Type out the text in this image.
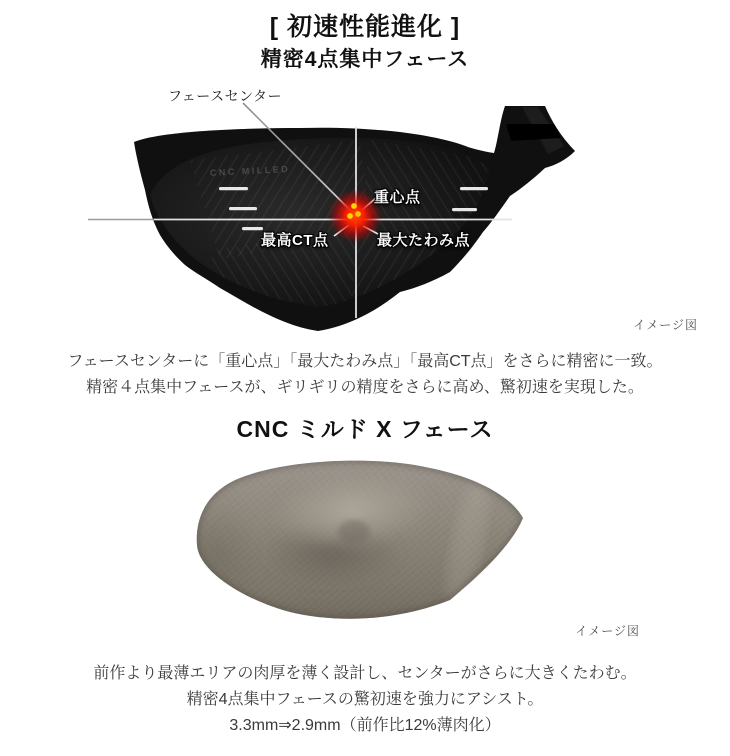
[ 初速性能進化 ]
精密4点集中フェース
フェースセンター
CNC MILLED
重心点
最高CT点	最大たわみ点
イメージ図
フェースセンターに「重心点」「最大たわみ点」「最高CT点」をさらに精密に一致。
精密４点集中フェースが、ギリギリの精度をさらに高め、驚初速を実現した。
CNC ミルド X フェース
イメージ図
前作より最薄エリアの肉厚を薄く設計し、センターがさらに大きくたわむ。
精密4点集中フェースの驚初速を強力にアシスト。
3.3mm⇒2.9mm（前作比12%薄肉化）
